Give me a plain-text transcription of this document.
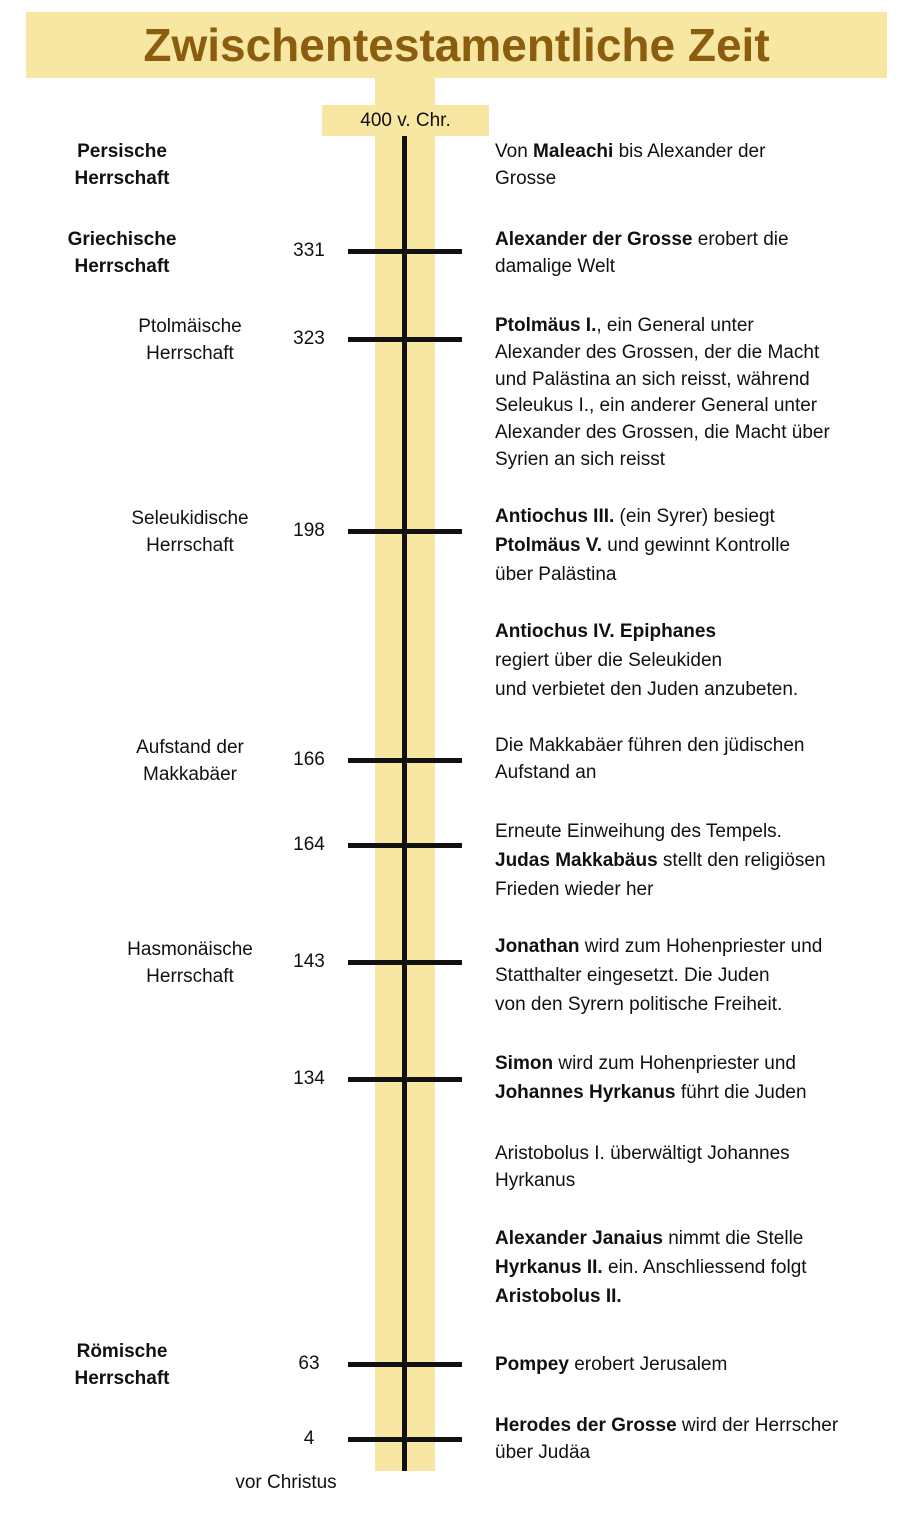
Zwischentestamentliche Zeit
400 v. Chr.
331
323
198
166
164
143
134
63
4
Persische
Herrschaft
Griechische
Herrschaft
Ptolmäische
Herrschaft
Seleukidische
Herrschaft
Aufstand der
Makkabäer
Hasmonäische
Herrschaft
Römische
Herrschaft
Von Maleachi bis Alexander der
Grosse
Alexander der Grosse erobert die
damalige Welt
Ptolmäus I., ein General unter
Alexander des Grossen, der die Macht
und Palästina an sich reisst, während
Seleukus I., ein anderer General unter
Alexander des Grossen, die Macht über
Syrien an sich reisst
Antiochus III. (ein Syrer) besiegt
Ptolmäus V. und gewinnt Kontrolle
über Palästina
Antiochus IV. Epiphanes
regiert über die Seleukiden
und verbietet den Juden anzubeten.
Die Makkabäer führen den jüdischen
Aufstand an
Erneute Einweihung des Tempels.
Judas Makkabäus stellt den religiösen
Frieden wieder her
Jonathan wird zum Hohenpriester und
Statthalter eingesetzt. Die Juden
von den Syrern politische Freiheit.
Simon wird zum Hohenpriester und
Johannes Hyrkanus führt die Juden
Aristobolus I. überwältigt Johannes
Hyrkanus
Alexander Janaius nimmt die Stelle
Hyrkanus II. ein. Anschliessend folgt
Aristobolus II.
Pompey erobert Jerusalem
Herodes der Grosse wird der Herrscher
über Judäa
vor Christus
